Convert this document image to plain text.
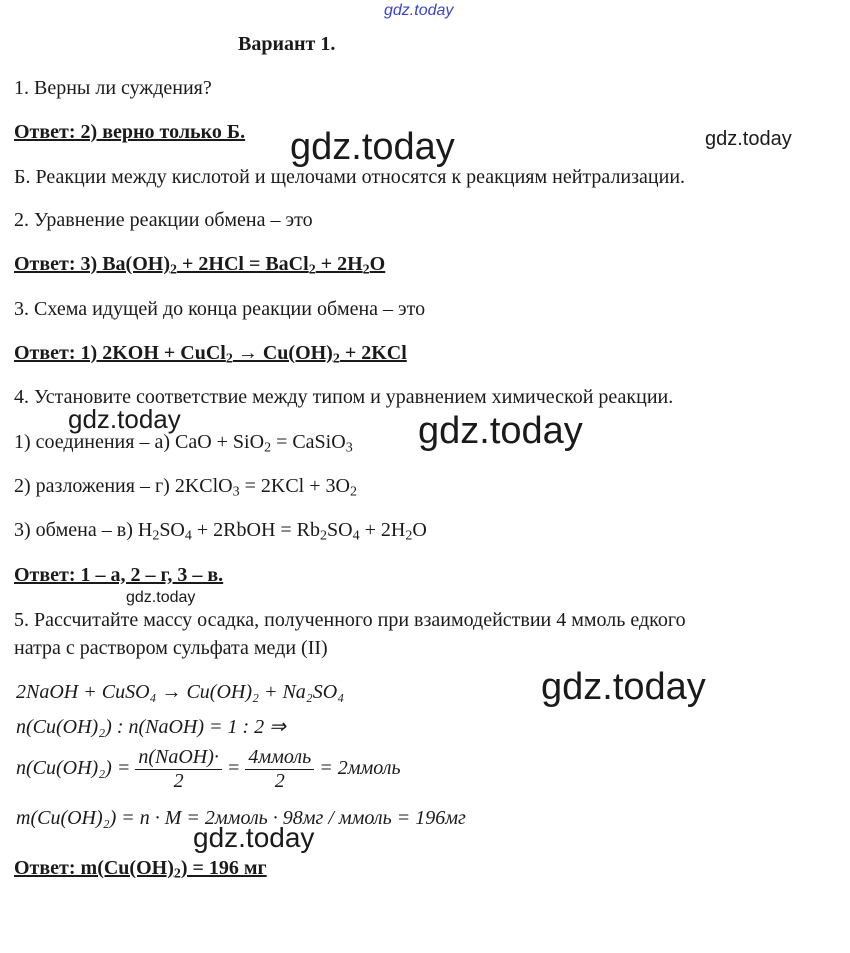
gdz.today
gdz.today	gdz.today
gdz.today	gdz.today
gdz.today
gdz.today
gdz.today
Вариант 1.
1. Верны ли суждения?
Ответ: 2) верно только Б.
Б. Реакции между кислотой и щелочами относятся к реакциям нейтрализации.
2. Уравнение реакции обмена – это
Ответ: 3) $Ba(OH)_2 + 2HCl$ = BaCl$_2$ + $2H_2O$
3. Схема идущей до конца реакции обмена – это
Ответ: 1) 2KOH + CuCl$_2$ → $Cu(OH)_2 + 2KCl$
4. Установите соответствие между типом и уравнением химической реакции.
1) соединения – а) CaO + SiO$_2$ = CaSiO$_3$
2) разложения – г) 2KClO$_3$ = $2KCl + 3O_2$
3) обмена – в) $H_2SO_4$ + 2RbOH = $Rb_2SO_4 + 2H_2O$
Ответ: 1 – а, 2 – г, 3 – в.
5. Рассчитайте массу осадка, полученного при взаимодействии 4 ммоль едкого
натра с раствором сульфата меди (II)
2NaOH + CuSO₄ → Cu(OH)₂ + Na₂SO₄
n(Cu(OH)₂) : n(NaOH) = 1 : 2 ⇒
$n(Cu(OH)_2) = \frac{\text{n(NaOH)·}}{2} = \frac{\text{4ммоль}}{2}$ = 2ммоль
m(Cu(OH)₂) = n · M = 2ммоль · 98мг / ммоль = 196мг
Ответ: $m(Cu(OH)_2) = 196$ мг
